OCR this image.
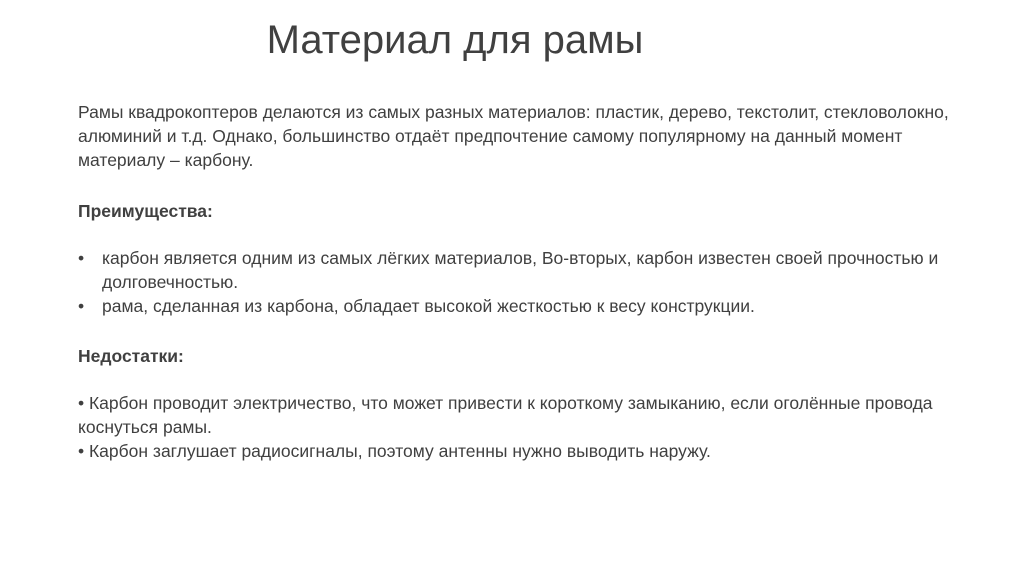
Материал для рамы

Рамы квадрокоптеров делаются из самых разных материалов: пластик, дерево, текстолит, стекловолокно, алюминий и т.д. Однако, большинство отдаёт предпочтение самому популярному на данный момент материалу – карбону.

Преимущества:

• карбон является одним из самых лёгких материалов, Во-вторых, карбон известен своей прочностью и долговечностью.
• рама, сделанная из карбона, обладает высокой жесткостью к весу конструкции.

Недостатки:

• Карбон проводит электричество, что может привести к короткому замыканию, если оголённые провода коснуться рамы.
• Карбон заглушает радиосигналы, поэтому антенны нужно выводить наружу.
